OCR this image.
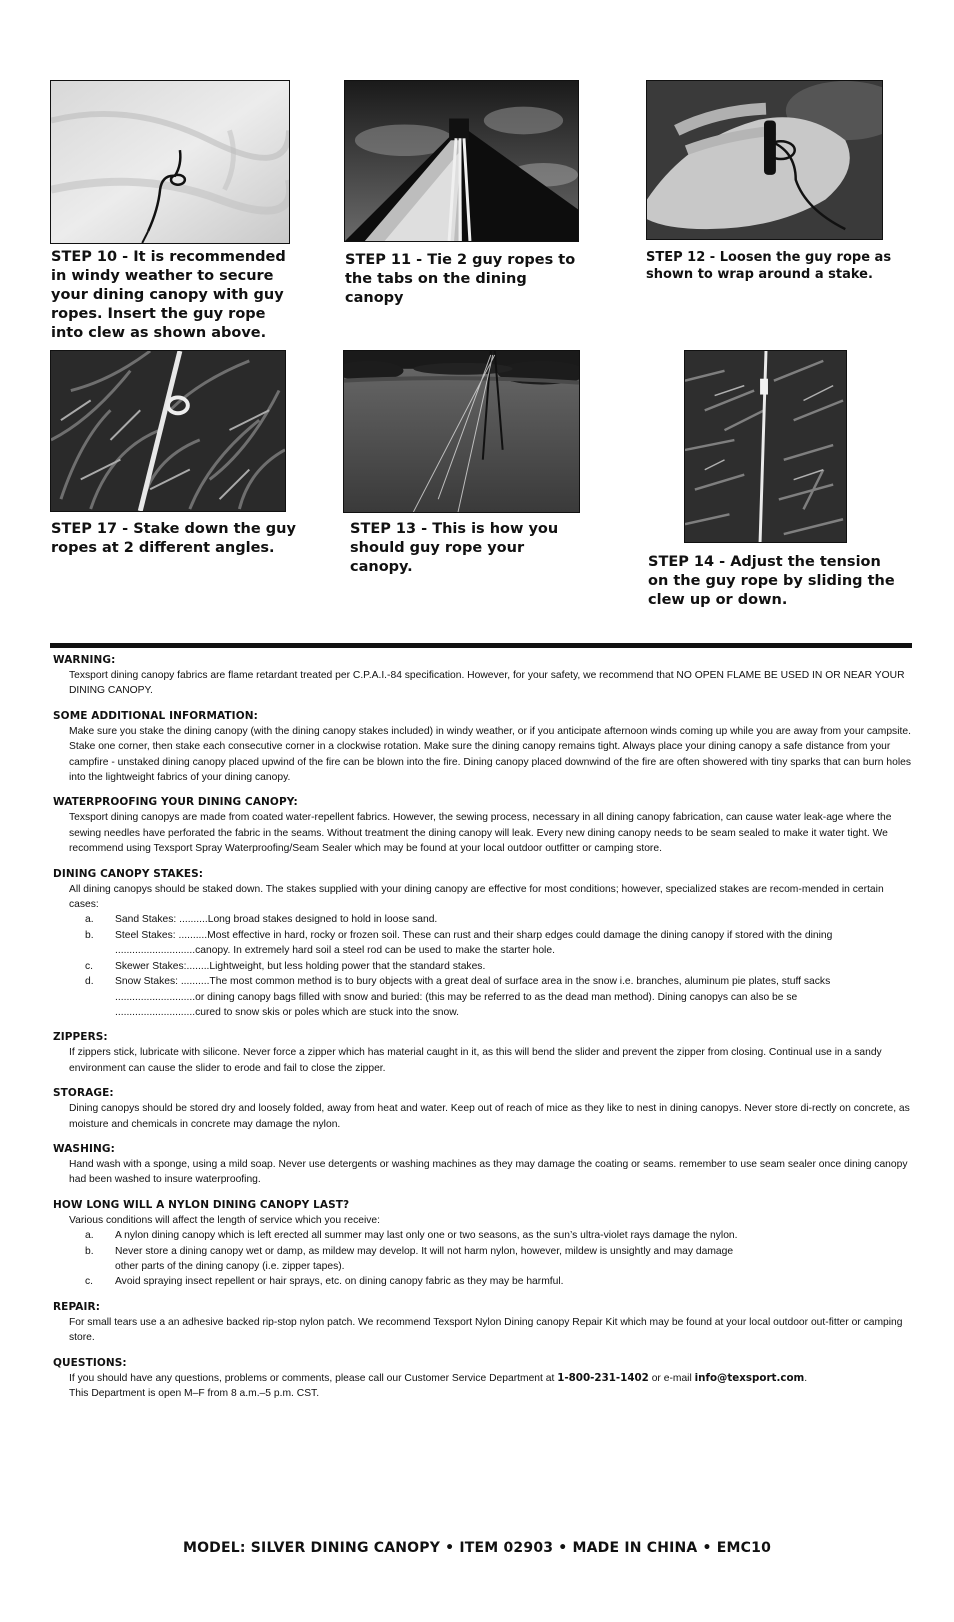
STEP 10 - It is recommended in windy weather to secure your dining canopy with guy ropes. Insert the guy rope into clew as shown above.
STEP 11 - Tie 2 guy ropes to the tabs on the dining canopy
STEP 12 - Loosen the guy rope as shown to wrap around a stake.
STEP 17 - Stake down the guy ropes at 2 different angles.
STEP 13 - This is how you should guy rope your canopy.	STEP 14 - Adjust the tension on the guy rope by sliding the clew up or down.
WARNING:

Texsport dining canopy fabrics are flame retardant treated per C.P.A.I.-84 specification. However, for your safety, we recommend that NO OPEN FLAME BE USED IN OR NEAR YOUR DINING CANOPY.

SOME ADDITIONAL INFORMATION:

Make sure you stake the dining canopy (with the dining canopy stakes included) in windy weather, or if you anticipate afternoon winds coming up while you are away from your campsite. Stake one corner, then stake each consecutive corner in a clockwise rotation. Make sure the dining canopy remains tight. Always place your dining canopy a safe distance from your campfire - unstaked dining canopy placed upwind of the fire can be blown into the fire. Dining canopy placed downwind of the fire are often showered with tiny sparks that can burn holes into the lightweight fabrics of your dining canopy.

WATERPROOFING YOUR DINING CANOPY:

Texsport dining canopys are made from coated water-repellent fabrics. However, the sewing process, necessary in all dining canopy fabrication, can cause water leak-age where the sewing needles have perforated the fabric in the seams. Without treatment the dining canopy will leak. Every new dining canopy needs to be seam sealed to make it water tight. We recommend using Texsport Spray Waterproofing/Seam Sealer which may be found at your local outdoor outfitter or camping store.

DINING CANOPY STAKES:

All dining canopys should be staked down. The stakes supplied with your dining canopy are effective for most conditions; however, specialized stakes are recom-mended in certain cases:

a.	Sand Stakes: ..........Long broad stakes designed to hold in loose sand.
b.	Steel Stakes: ..........Most effective in hard, rocky or frozen soil. These can rust and their sharp edges could damage the dining canopy if stored with the dining
............................canopy. In extremely hard soil a steel rod can be used to make the starter hole.
c.	Skewer Stakes:........Lightweight, but less holding power that the standard stakes.
d.	Snow Stakes: ..........The most common method is to bury objects with a great deal of surface area in the snow i.e. branches, aluminum pie plates, stuff sacks
............................or dining canopy bags filled with snow and buried: (this may be referred to as the dead man method). Dining canopys can also be se
............................cured to snow skis or poles which are stuck into the snow.
ZIPPERS:

If zippers stick, lubricate with silicone. Never force a zipper which has material caught in it, as this will bend the slider and prevent the zipper from closing. Continual use in a sandy environment can cause the slider to erode and fail to close the zipper.

STORAGE:

Dining canopys should be stored dry and loosely folded, away from heat and water. Keep out of reach of mice as they like to nest in dining canopys. Never store di-rectly on concrete, as moisture and chemicals in concrete may damage the nylon.

WASHING:

Hand wash with a sponge, using a mild soap. Never use detergents or washing machines as they may damage the coating or seams. remember to use seam sealer once dining canopy had been washed to insure waterproofing.

HOW LONG WILL A NYLON DINING CANOPY LAST?

Various conditions will affect the length of service which you receive:

a.	A nylon dining canopy which is left erected all summer may last only one or two seasons, as the sun’s ultra-violet rays damage the nylon.
b.	Never store a dining canopy wet or damp, as mildew may develop. It will not harm nylon, however, mildew is unsightly and may damage
other parts of the dining canopy (i.e. zipper tapes).
c.	Avoid spraying insect repellent or hair sprays, etc. on dining canopy fabric as they may be harmful.
REPAIR:

For small tears use a an adhesive backed rip-stop nylon patch. We recommend Texsport Nylon Dining canopy Repair Kit which may be found at your local outdoor out-fitter or camping store.

QUESTIONS:

If you should have any questions, problems or comments, please call our Customer Service Department at 1-800-231-1402 or e-mail info@texsport.com.

This Department is open M–F from 8 a.m.–5 p.m. CST.

MODEL: SILVER DINING CANOPY • ITEM 02903 • MADE IN CHINA • EMC10
